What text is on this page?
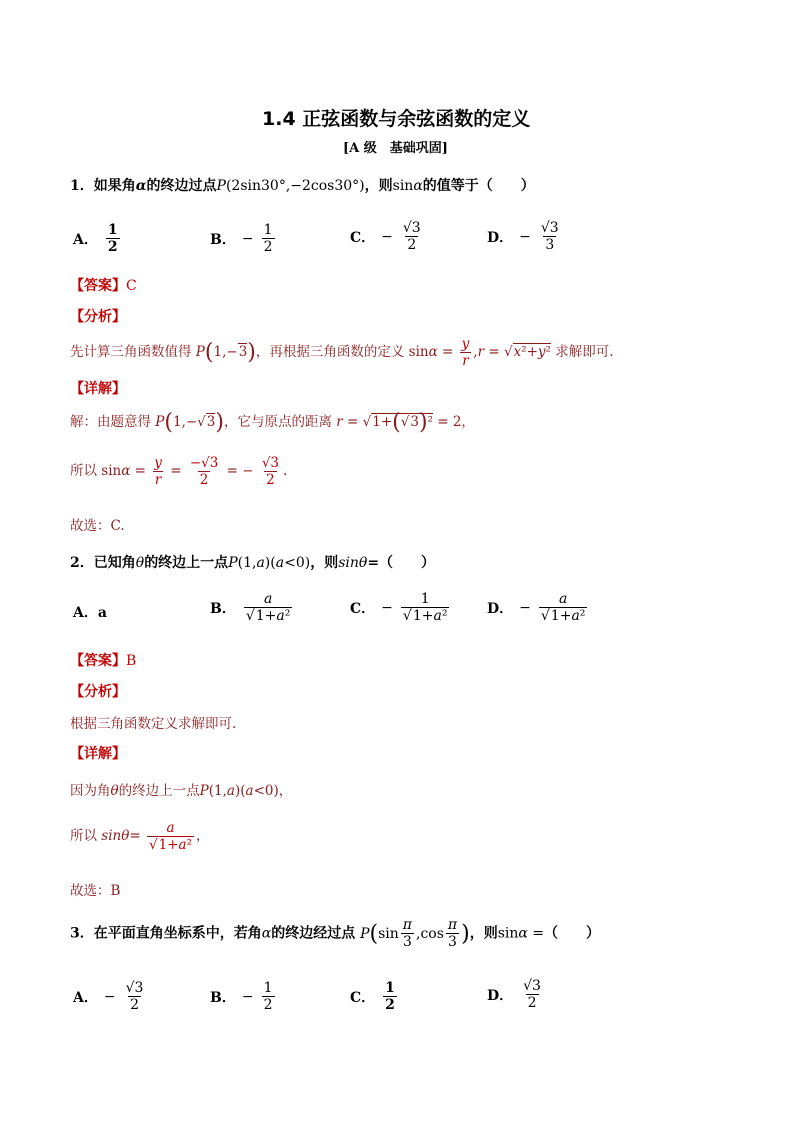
1.4 正弦函数与余弦函数的定义
[A 级　基础巩固]
1．如果角α的终边过点P(2sin30°,−2cos30°)，则sinα的值等于（　　）
A． $\frac{1}{2}$	B． − $\frac{1}{2}$	C． − $\frac{√3}{2}$	D． − $\frac{√3}{3}$
【答案】C
【分析】
先计算三角函数值得 P(1,−3)，再根据三角函数的定义 $\sin\alpha = \frac{y}{r} ,r = √x^2+y^2$ 求解即可.
【详解】
解：由题意得 P(1,−√3)，它与原点的距离 r = √1+(√3)² = 2，
所以 $\sin\alpha = \frac{y}{r} = \frac{-√3}{2}$ = − $\frac{√3}{2}$ .
故选：C.
2．已知角θ的终边上一点P(1,a)(a<0)，则sinθ=（　　）
A．a	B． $\frac{a}{\text{√1+a²}}$	C． − $\frac{1}{\text{√1+a²}}$	D． − $\frac{a}{\text{√1+a²}}$
【答案】B
【分析】
根据三角函数定义求解即可.
【详解】
因为角θ的终边上一点P(1,a)(a<0)，
所以 $\sin\theta= \frac{a}{\text{√1+a²}}$ ，
故选：B
3．在平面直角坐标系中，若角α的终边经过点 $P(\sin \frac{\pi}{3} ,\cos \frac{\pi}{3}$ )，则sinα =（　　）
A． − $\frac{√3}{2}$	B． − $\frac{1}{2}$	C． $\frac{1}{2}$	D． $\frac{√3}{2}$
